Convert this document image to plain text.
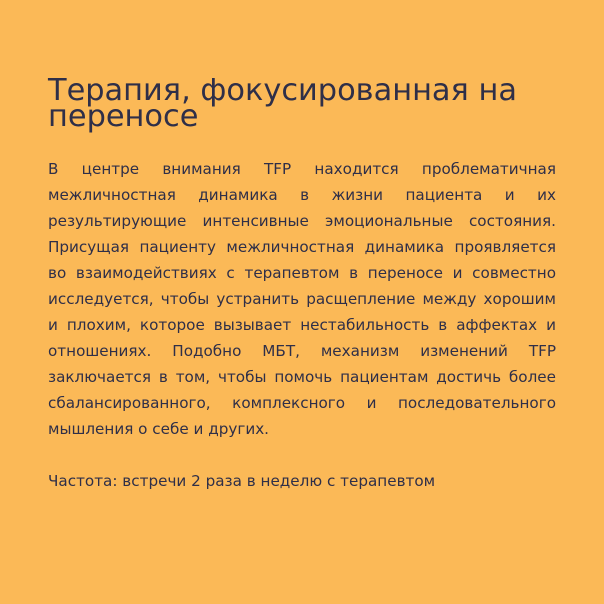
Терапия, фокусированная на переносе

В центре внимания TFP находится проблематичная межличностная динамика в жизни пациента и их результирующие интенсивные эмоциональные состояния. Присущая пациенту межличностная динамика проявляется во взаимодействиях с терапевтом в переносе и совместно исследуется, чтобы устранить расщепление между хорошим и плохим, которое вызывает нестабильность в аффектах и отношениях. Подобно МБТ, механизм изменений TFP заключается в том, чтобы помочь пациентам достичь более сбалансированного, комплексного и последовательного мышления о себе и других.

Частота: встречи 2 раза в неделю с терапевтом
